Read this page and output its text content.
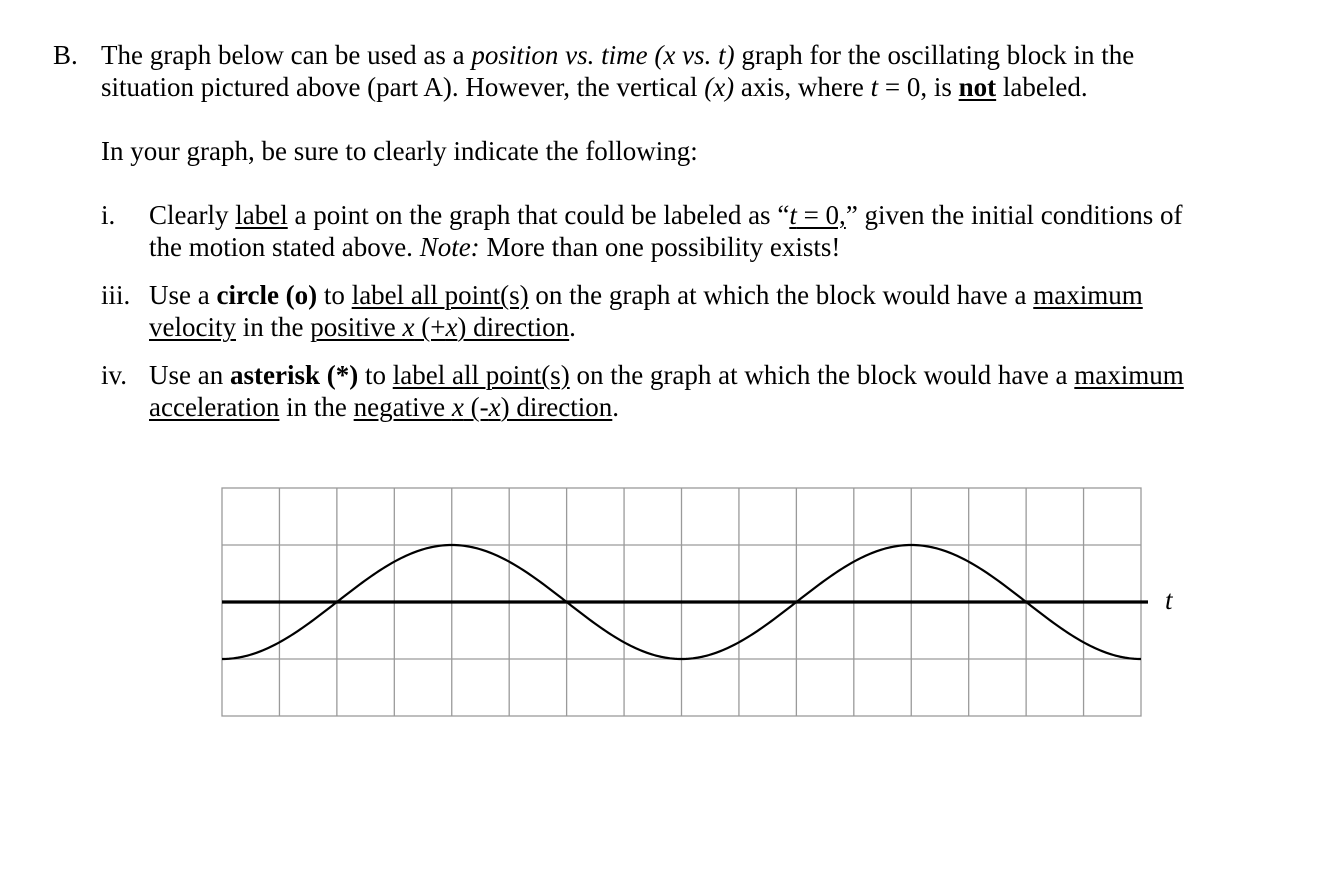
B. The graph below can be used as a position vs. time (x vs. t) graph for the oscillating block in the
situation pictured above (part A). However, the vertical (x) axis, where t = 0, is not labeled.
In your graph, be sure to clearly indicate the following:
i. Clearly label a point on the graph that could be labeled as “t = 0,” given the initial conditions of
the motion stated above. Note: More than one possibility exists!
iii. Use a circle (o) to label all point(s) on the graph at which the block would have a maximum
velocity in the positive x (+x) direction.
iv. Use an asterisk (*) to label all point(s) on the graph at which the block would have a maximum
acceleration in the negative x (-x) direction.
t
